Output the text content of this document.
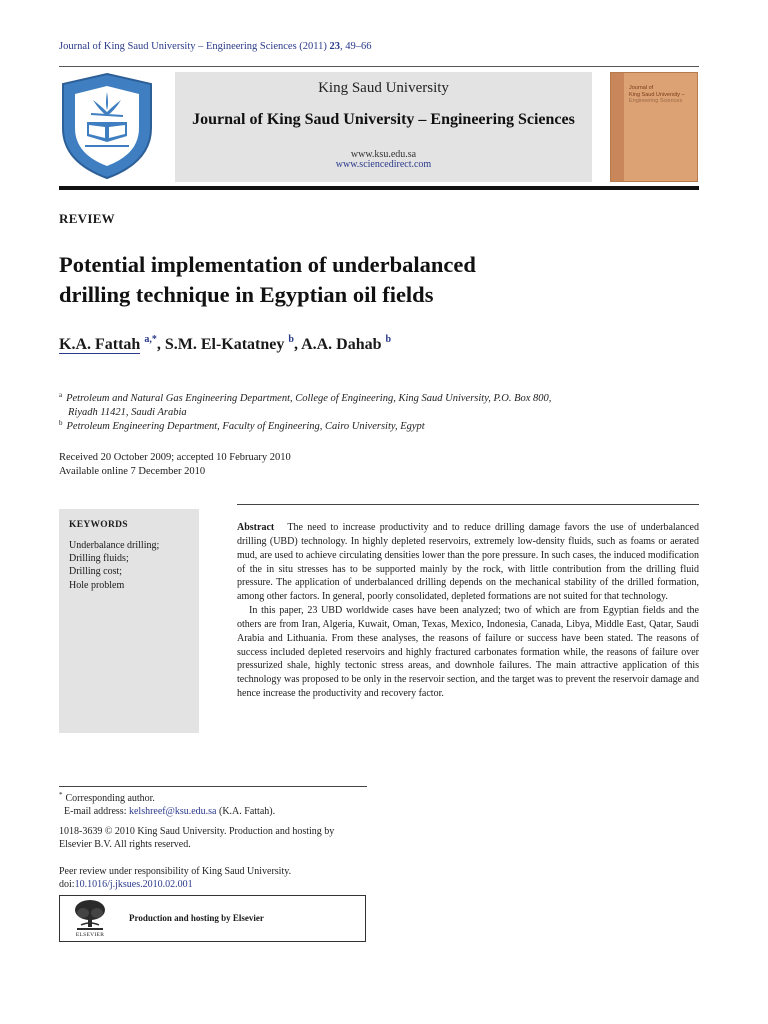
Journal of King Saud University – Engineering Sciences (2011) 23, 49–66
King Saud University
Journal of King Saud University – Engineering Sciences
www.ksu.edu.sa
www.sciencedirect.com
Journal of
King Saud University –
Engineering Sciences
REVIEW
Potential implementation of underbalanced
drilling technique in Egyptian oil fields
K.A. Fattah $^{a,*}$, S.M. El-Katatney $^b$, A.A. Dahab $^b$
$^a$ Petroleum and Natural Gas Engineering Department, College of Engineering, King Saud University, P.O. Box 800,
Riyadh 11421, Saudi Arabia
$^b$ Petroleum Engineering Department, Faculty of Engineering, Cairo University, Egypt
Received 20 October 2009; accepted 10 February 2010
Available online 7 December 2010
KEYWORDS
Underbalance drilling;
Drilling fluids;
Drilling cost;
Hole problem

Abstract The need to increase productivity and to reduce drilling damage favors the use of underbalanced drilling (UBD) technology. In highly depleted reservoirs, extremely low-density fluids, such as foams or aerated mud, are used to achieve circulating densities lower than the pore pressure. In such cases, the induced modification of the in situ stresses has to be supported mainly by the rock, with little contribution from the drilling fluid pressure. The application of underbalanced drilling depends on the mechanical stability of the drilled formation, among other factors. In general, poorly consolidated, depleted formations are not suited for that technology.

In this paper, 23 UBD worldwide cases have been analyzed; two of which are from Egyptian fields and the others are from Iran, Algeria, Kuwait, Oman, Texas, Mexico, Indonesia, Canada, Libya, Middle East, Qatar, Saudi Arabia and Lithuania. From these analyses, the reasons of failure or success have been stated. The reasons of success included depleted reservoirs and highly fractured carbonates formation while, the reasons of failure over pressurized shale, highly tectonic stress areas, and downhole failures. The main attractive application of this technology was proposed to be only in the reservoir section, and the target was to prevent the reservoir damage and hence increase the productivity and recovery factor.

* Corresponding author.
E-mail address: kelshreef@ksu.edu.sa (K.A. Fattah).
1018-3639 © 2010 King Saud University. Production and hosting by
Elsevier B.V. All rights reserved.
Peer review under responsibility of King Saud University.
doi:10.1016/j.jksues.2010.02.001
ELSEVIER
Production and hosting by Elsevier
